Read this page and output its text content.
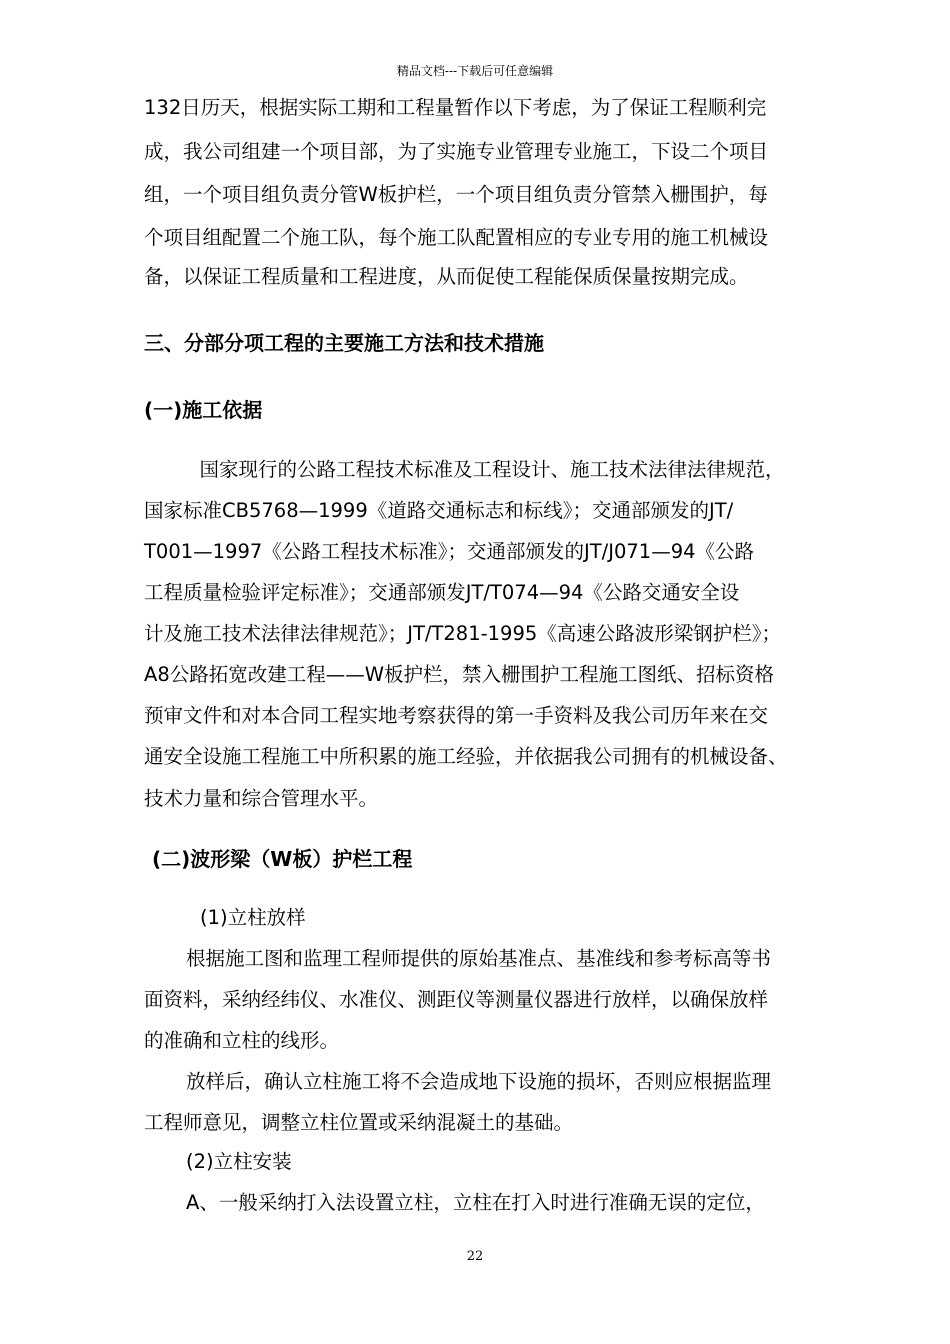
精品文档---下载后可任意编辑
132日历天，根据实际工期和工程量暂作以下考虑，为了保证工程顺利完
成，我公司组建一个项目部，为了实施专业管理专业施工，下设二个项目
组，一个项目组负责分管W板护栏，一个项目组负责分管禁入栅围护，每
个项目组配置二个施工队，每个施工队配置相应的专业专用的施工机械设
备，以保证工程质量和工程进度，从而促使工程能保质保量按期完成。
三、分部分项工程的主要施工方法和技术措施
(一)施工依据
　国家现行的公路工程技术标准及工程设计、施工技术法律法律规范，
国家标准CB5768—1999《道路交通标志和标线》；交通部颁发的JT/
T001—1997《公路工程技术标准》；交通部颁发的JT/J071—94《公路
工程质量检验评定标准》；交通部颁发JT/T074—94《公路交通安全设
计及施工技术法律法律规范》；JT/T281-1995《高速公路波形梁钢护栏》；
A8公路拓宽改建工程——W板护栏，禁入栅围护工程施工图纸、招标资格
预审文件和对本合同工程实地考察获得的第一手资料及我公司历年来在交
通安全设施工程施工中所积累的施工经验，并依据我公司拥有的机械设备、
技术力量和综合管理水平。
(二)波形梁（W板）护栏工程
(1)立柱放样
根据施工图和监理工程师提供的原始基准点、基准线和参考标高等书
面资料，采纳经纬仪、水准仪、测距仪等测量仪器进行放样，以确保放样
的准确和立柱的线形。
放样后，确认立柱施工将不会造成地下设施的损坏，否则应根据监理
工程师意见，调整立柱位置或采纳混凝土的基础。
(2)立柱安装
A、一般采纳打入法设置立柱，立柱在打入时进行准确无误的定位，
22
